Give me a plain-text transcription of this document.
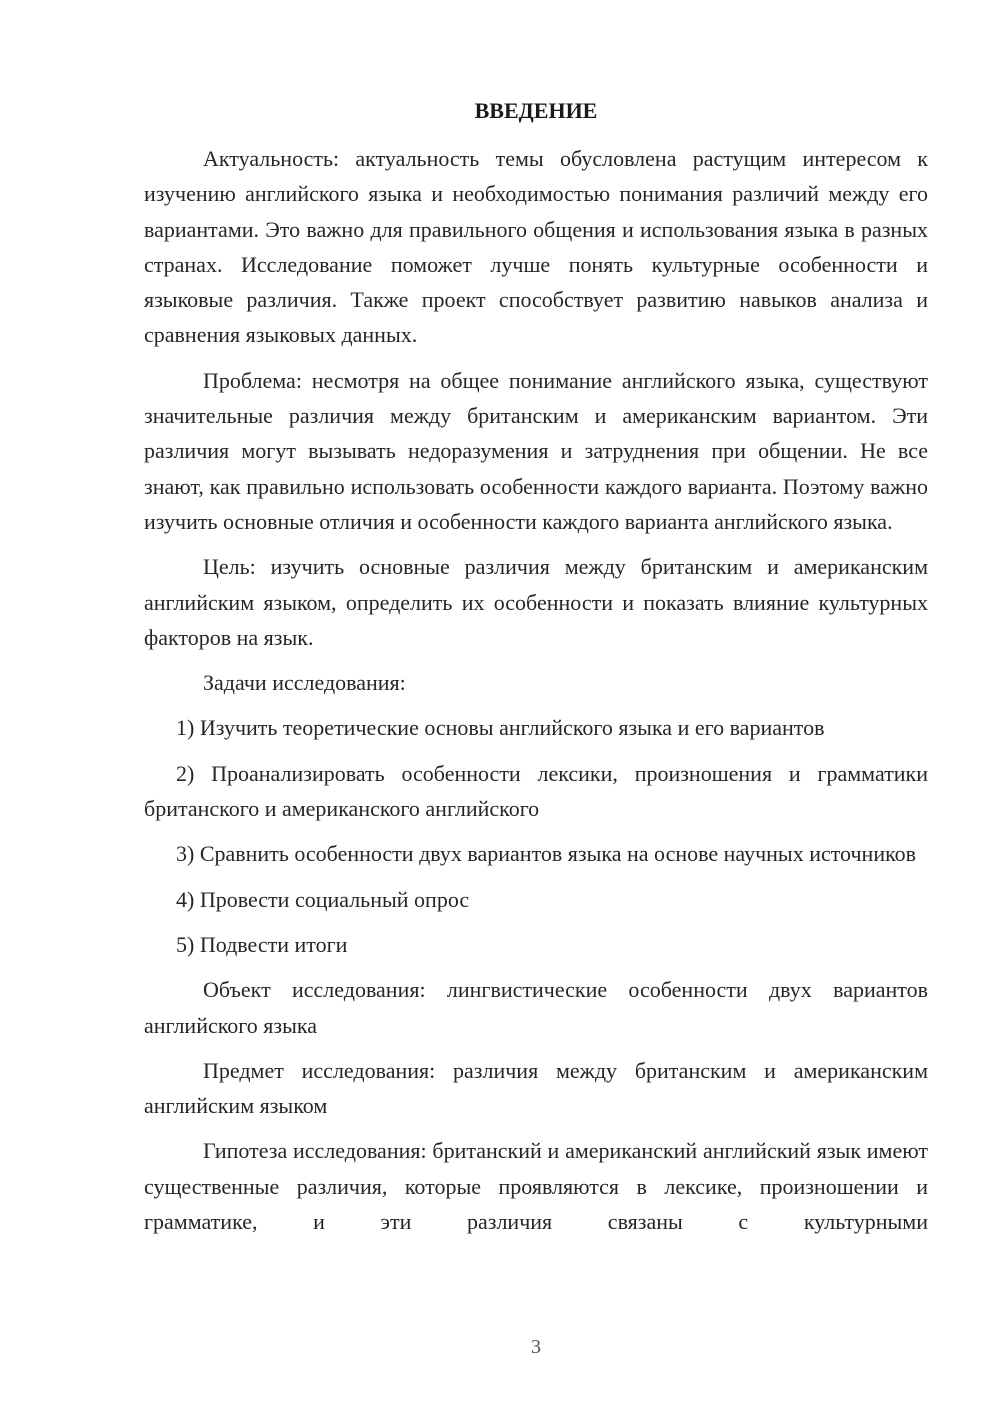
ВВЕДЕНИЕ

Актуальность: актуальность темы обусловлена растущим интересом к изучению английского языка и необходимостью понимания различий между его вариантами. Это важно для правильного общения и использования языка в разных странах. Исследование поможет лучше понять культурные особенности и языковые различия. Также проект способствует развитию навыков анализа и сравнения языковых данных.

Проблема: несмотря на общее понимание английского языка, существуют значительные различия между британским и американским вариантом. Эти различия могут вызывать недоразумения и затруднения при общении. Не все знают, как правильно использовать особенности каждого варианта. Поэтому важно изучить основные отличия и особенности каждого варианта английского языка.

Цель: изучить основные различия между британским и американским английским языком, определить их особенности и показать влияние культурных факторов на язык.

Задачи исследования:

1) Изучить теоретические основы английского языка и его вариантов

2) Проанализировать особенности лексики, произношения и грамматики британского и американского английского

3) Сравнить особенности двух вариантов языка на основе научных источников

4) Провести социальный опрос

5) Подвести итоги

Объект исследования: лингвистические особенности двух вариантов английского языка

Предмет исследования: различия между британским и американским английским языком

Гипотеза исследования: британский и американский английский язык имеют существенные различия, которые проявляются в лексике, произношении и грамматике, и эти различия связаны с культурными

3
